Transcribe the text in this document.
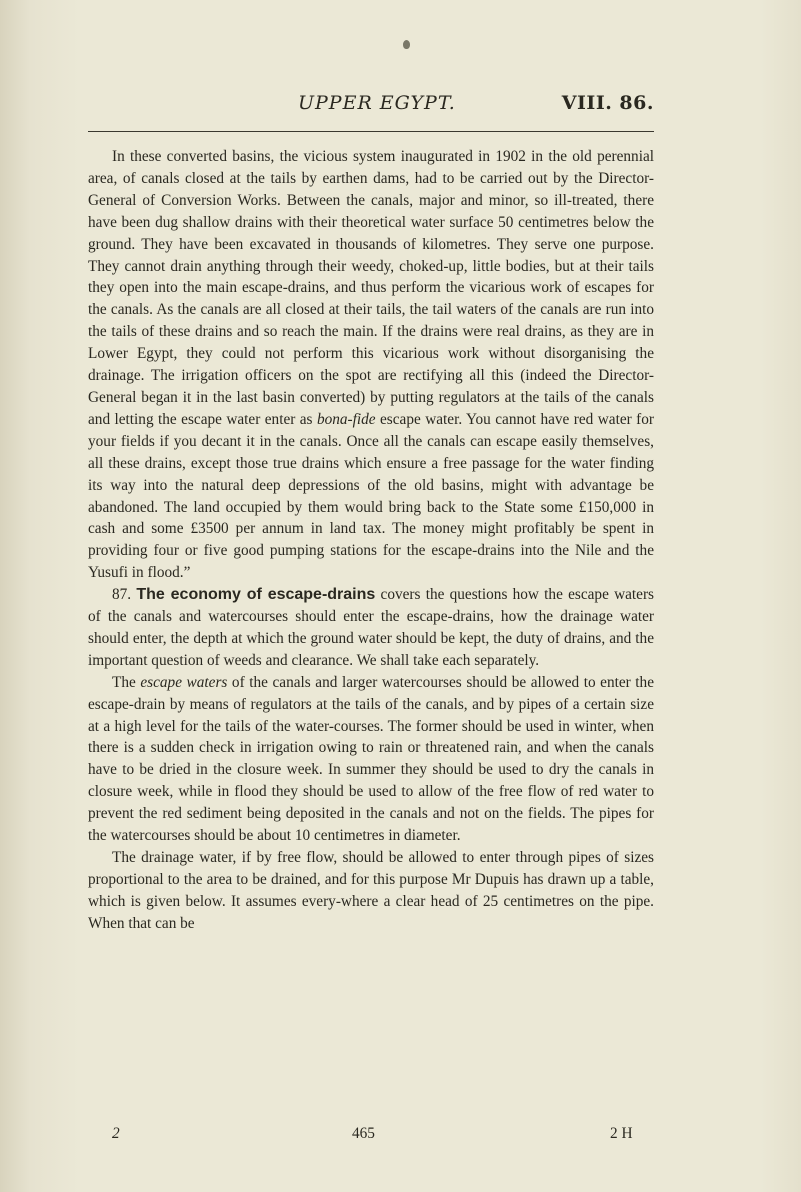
UPPER EGYPT.	VIII. 86.

In these converted basins, the vicious system inaugurated in 1902 in the old perennial area, of canals closed at the tails by earthen dams, had to be carried out by the Director-General of Conversion Works. Between the canals, major and minor, so ill-treated, there have been dug shallow drains with their theoretical water surface 50 centimetres below the ground. They have been excavated in thousands of kilometres. They serve one purpose. They cannot drain anything through their weedy, choked-up, little bodies, but at their tails they open into the main escape-drains, and thus perform the vicarious work of escapes for the canals. As the canals are all closed at their tails, the tail waters of the canals are run into the tails of these drains and so reach the main. If the drains were real drains, as they are in Lower Egypt, they could not perform this vicarious work without disorganising the drainage. The irrigation officers on the spot are rectifying all this (indeed the Director-General began it in the last basin converted) by putting regulators at the tails of the canals and letting the escape water enter as bona-fide escape water. You cannot have red water for your fields if you decant it in the canals. Once all the canals can escape easily themselves, all these drains, except those true drains which ensure a free passage for the water finding its way into the natural deep depressions of the old basins, might with advantage be abandoned. The land occupied by them would bring back to the State some £150,000 in cash and some £3500 per annum in land tax. The money might profitably be spent in providing four or five good pumping stations for the escape-drains into the Nile and the Yusufi in flood.”

87. The economy of escape-drains covers the questions how the escape waters of the canals and watercourses should enter the escape-drains, how the drainage water should enter, the depth at which the ground water should be kept, the duty of drains, and the important question of weeds and clearance. We shall take each separately.

The escape waters of the canals and larger watercourses should be allowed to enter the escape-drain by means of regulators at the tails of the canals, and by pipes of a certain size at a high level for the tails of the water-courses. The former should be used in winter, when there is a sudden check in irrigation owing to rain or threatened rain, and when the canals have to be dried in the closure week. In summer they should be used to dry the canals in closure week, while in flood they should be used to allow of the free flow of red water to prevent the red sediment being deposited in the canals and not on the fields. The pipes for the watercourses should be about 10 centimetres in diameter.

The drainage water, if by free flow, should be allowed to enter through pipes of sizes proportional to the area to be drained, and for this purpose Mr Dupuis has drawn up a table, which is given below. It assumes every-where a clear head of 25 centimetres on the pipe. When that can be

2	465	2 H
